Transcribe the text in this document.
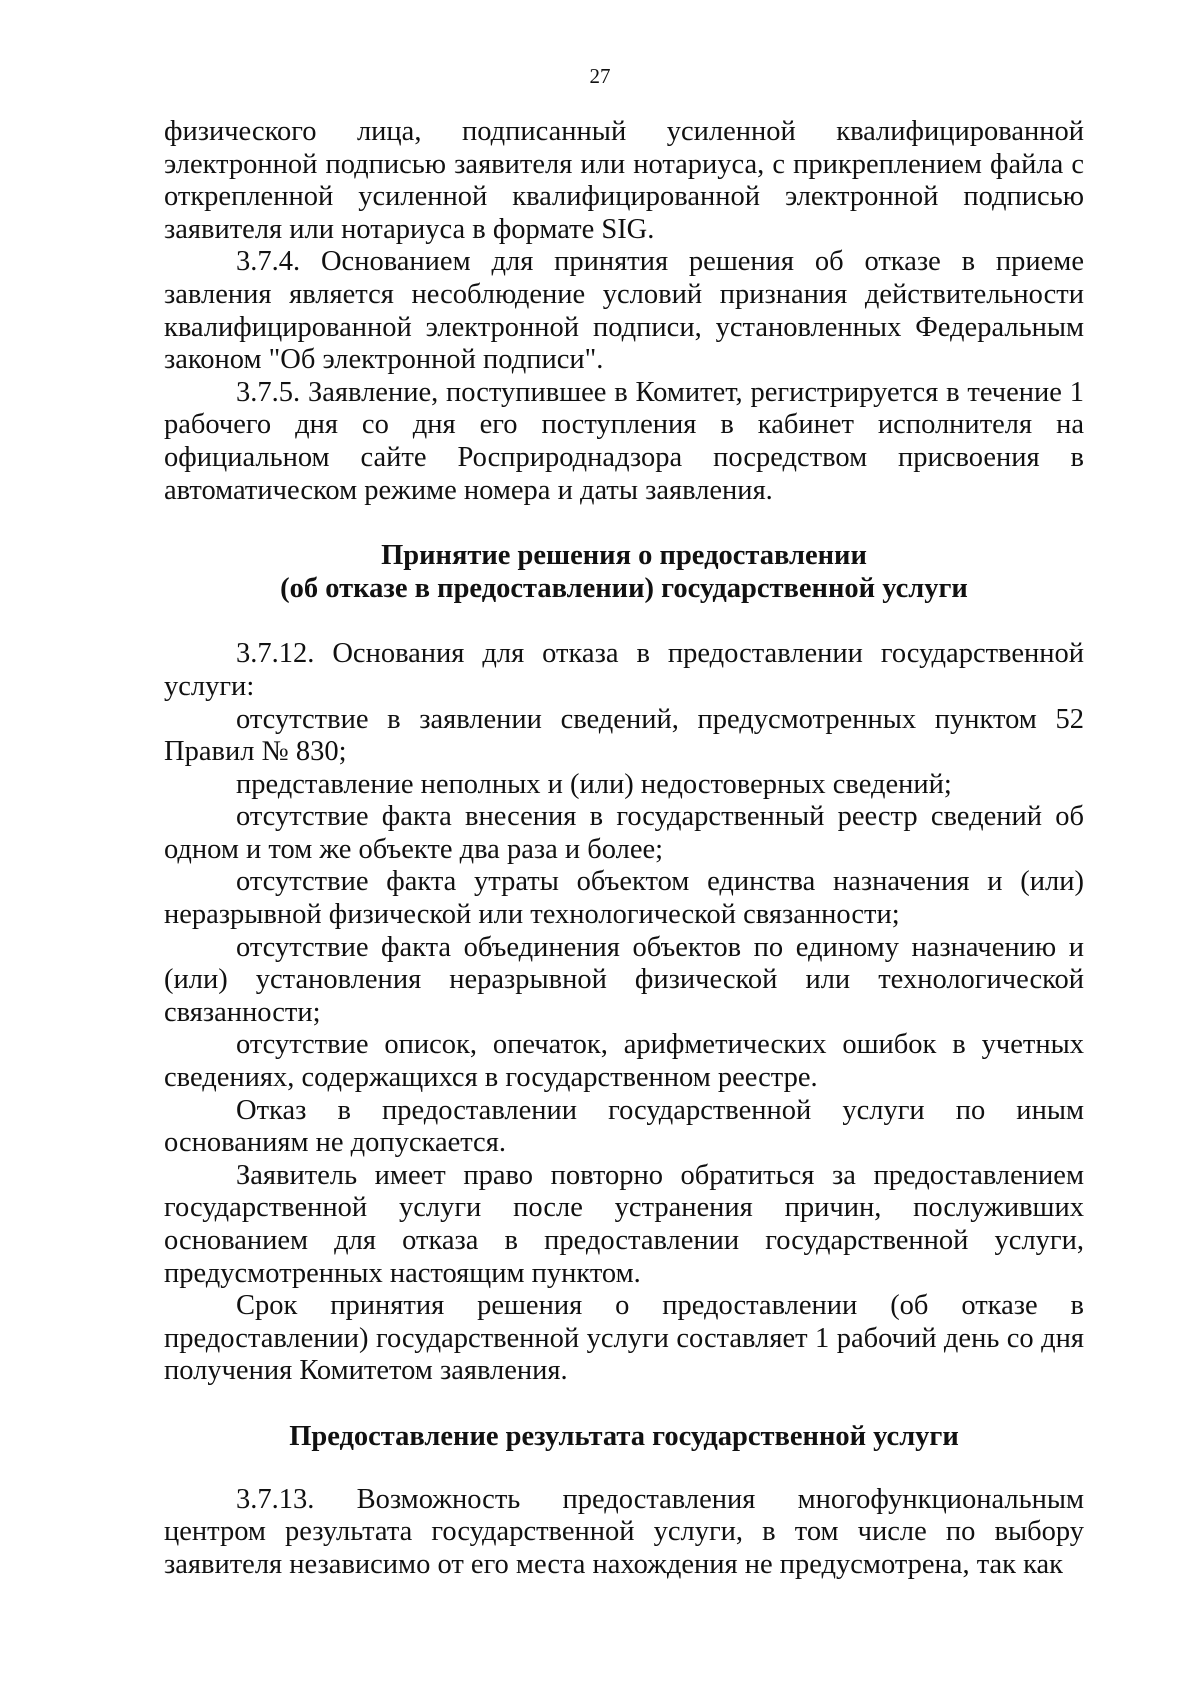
27

физического лица, подписанный усиленной квалифицированной электронной подписью заявителя или нотариуса, с прикреплением файла с открепленной усиленной квалифицированной электронной подписью заявителя или нотариуса в формате SIG.

3.7.4. Основанием для принятия решения об отказе в приеме завления является несоблюдение условий признания действительности квалифицированной электронной подписи, установленных Федеральным законом "Об электронной подписи".

3.7.5. Заявление, поступившее в Комитет, регистрируется в течение 1 рабочего дня со дня его поступления в кабинет исполнителя на официальном сайте Росприроднадзора посредством присвоения в автоматическом режиме номера и даты заявления.

Принятие решения о предоставлении
(об отказе в предоставлении) государственной услуги

3.7.12. Основания для отказа в предоставлении государственной услуги:

отсутствие в заявлении сведений, предусмотренных пунктом 52 Правил № 830;

представление неполных и (или) недостоверных сведений;

отсутствие факта внесения в государственный реестр сведений об одном и том же объекте два раза и более;

отсутствие факта утраты объектом единства назначения и (или) неразрывной физической или технологической связанности;

отсутствие факта объединения объектов по единому назначению и (или) установления неразрывной физической или технологической связанности;

отсутствие описок, опечаток, арифметических ошибок в учетных сведениях, содержащихся в государственном реестре.

Отказ в предоставлении государственной услуги по иным основаниям не допускается.

Заявитель имеет право повторно обратиться за предоставлением государственной услуги после устранения причин, послуживших основанием для отказа в предоставлении государственной услуги, предусмотренных настоящим пунктом.

Срок принятия решения о предоставлении (об отказе в предоставлении) государственной услуги составляет 1 рабочий день со дня получения Комитетом заявления.

Предоставление результата государственной услуги

3.7.13. Возможность предоставления многофункциональным центром результата государственной услуги, в том числе по выбору заявителя независимо от его места нахождения не предусмотрена, так как
